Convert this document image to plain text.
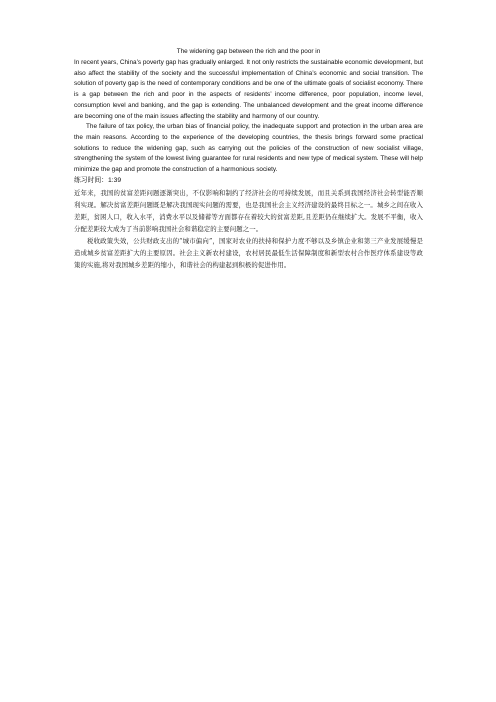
The widening gap between the rich and the poor in

In recent years, China’s poverty gap has gradually enlarged. It not only restricts the sustainable economic development, but also affect the stability of the society and the successful implementation of China’s economic and social transition. The solution of poverty gap is the need of contemporary conditions and be one of the ultimate goals of socialist economy. There is a gap between the rich and poor in the aspects of residents’ income difference, poor population, income level, consumption level and banking, and the gap is extending. The unbalanced development and the great income difference are becoming one of the main issues affecting the stability and harmony of our country.

The failure of tax policy, the urban bias of financial policy, the inadequate support and protection in the urban area are the main reasons. According to the experience of the developing countries, the thesis brings forward some practical solutions to reduce the widening gap, such as carrying out the policies of the construction of new socialist village, strengthening the system of the lowest living guarantee for rural residents and new type of medical system. These will help minimize the gap and promote the construction of a harmonious society.

练习时间：1:39

近年来，我国的贫富差距问题逐渐突出，不仅影响和制约了经济社会的可持续发展，而且关系到我国经济社会转型能否顺利实现。解决贫富差距问题既是解决我国现实问题的需要，也是我国社会主义经济建设的最终目标之一。城乡之间在收入差距，贫困人口，收入水平，消费水平以及储蓄等方面都存在着较大的贫富差距,且差距仍在继续扩大。发展不平衡，收入分配差距较大成为了当前影响我国社会和谐稳定的主要问题之一。

税收政策失效，公共财政支出的“城市偏向”，国家对农业的扶持和保护力度不够以及乡镇企业和第三产业发展缓慢是造成城乡贫富差距扩大的主要原因。社会主义新农村建设，农村居民最低生活保障制度和新型农村合作医疗体系建设等政策的实施,将对我国城乡差距的缩小，和谐社会的构建起到积极的促进作用。
